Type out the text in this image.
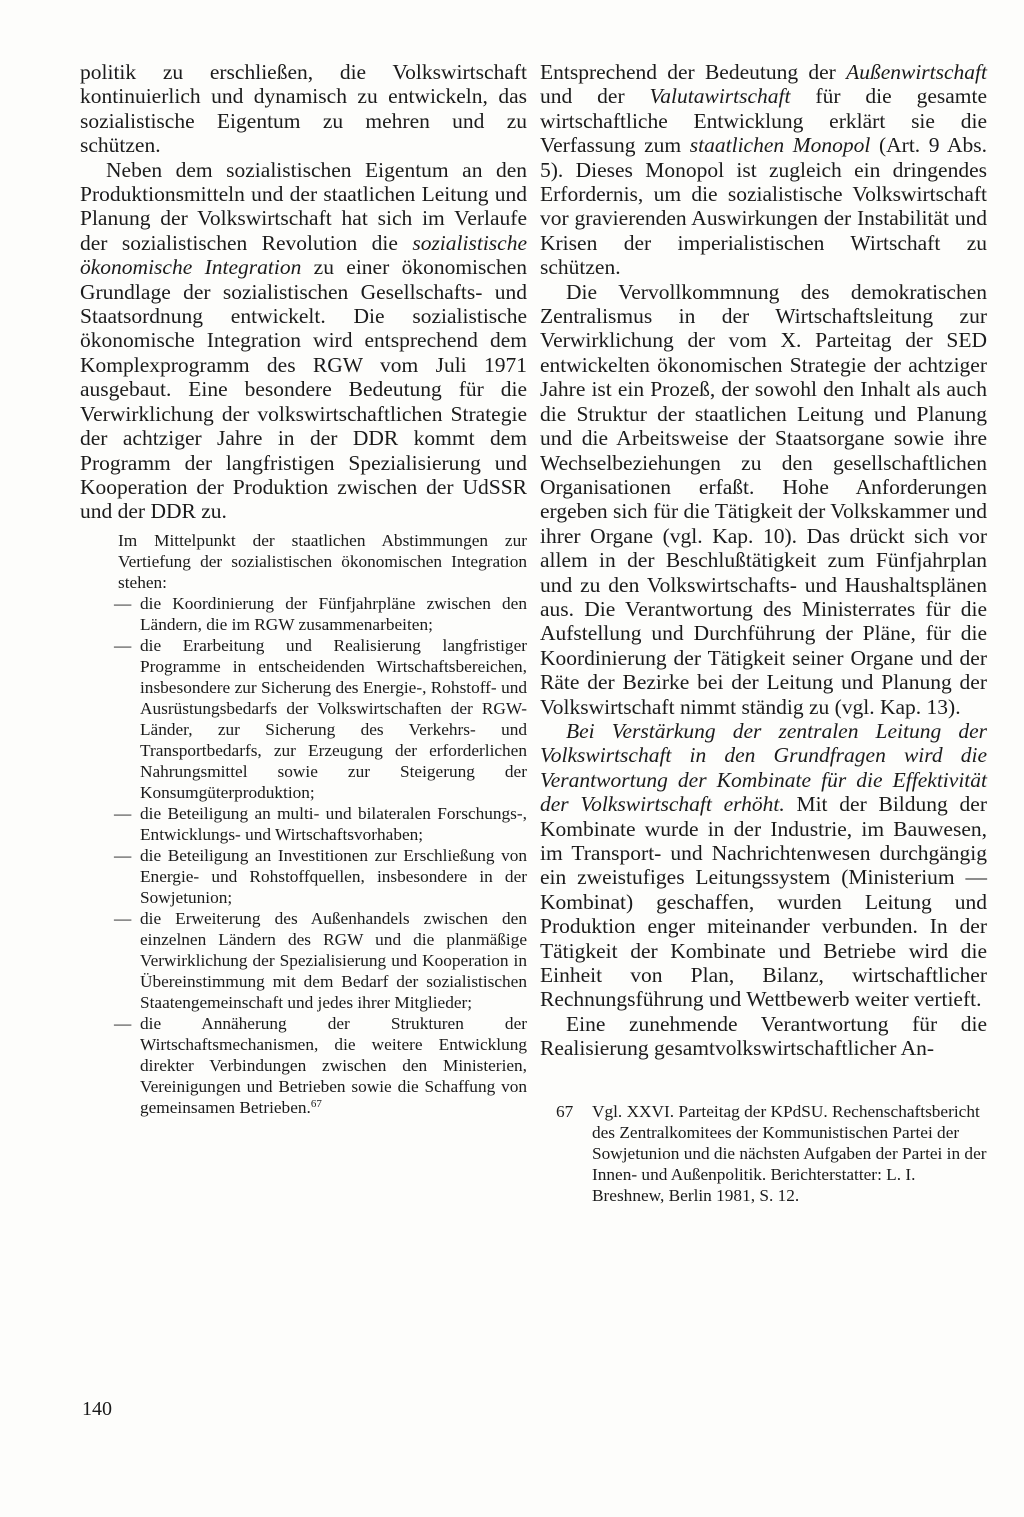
politik zu erschließen, die Volkswirtschaft kontinuierlich und dynamisch zu entwickeln, das sozialistische Eigentum zu mehren und zu schützen.

Neben dem sozialistischen Eigentum an den Produktionsmitteln und der staatlichen Leitung und Planung der Volkswirtschaft hat sich im Verlaufe der sozialistischen Revolution die sozialistische ökonomische Integration zu einer ökonomischen Grundlage der sozialistischen Gesellschafts- und Staatsordnung entwickelt. Die sozialistische ökonomische Integration wird entsprechend dem Komplexprogramm des RGW vom Juli 1971 ausgebaut. Eine besondere Bedeutung für die Verwirklichung der volkswirtschaftlichen Strategie der achtziger Jahre in der DDR kommt dem Programm der langfristigen Spezialisierung und Kooperation der Produktion zwischen der UdSSR und der DDR zu.

Im Mittelpunkt der staatlichen Abstimmungen zur Vertiefung der sozialistischen ökonomischen Integration stehen:

— die Koordinierung der Fünfjahrpläne zwischen den Ländern, die im RGW zusammenarbeiten;
— die Erarbeitung und Realisierung langfristiger Programme in entscheidenden Wirtschaftsbereichen, insbesondere zur Sicherung des Energie-, Rohstoff- und Ausrüstungsbedarfs der Volkswirtschaften der RGW-Länder, zur Sicherung des Verkehrs- und Transportbedarfs, zur Erzeugung der erforderlichen Nahrungsmittel sowie zur Steigerung der Konsumgüterproduktion;
— die Beteiligung an multi- und bilateralen Forschungs-, Entwicklungs- und Wirtschaftsvorhaben;
— die Beteiligung an Investitionen zur Erschließung von Energie- und Rohstoffquellen, insbesondere in der Sowjetunion;
— die Erweiterung des Außenhandels zwischen den einzelnen Ländern des RGW und die planmäßige Verwirklichung der Spezialisierung und Kooperation in Übereinstimmung mit dem Bedarf der sozialistischen Staatengemeinschaft und jedes ihrer Mitglieder;
— die Annäherung der Strukturen der Wirtschaftsmechanismen, die weitere Entwicklung direkter Verbindungen zwischen den Ministerien, Vereinigungen und Betrieben sowie die Schaffung von gemeinsamen Betrieben.$^{67}$

Entsprechend der Bedeutung der Außenwirtschaft und der Valutawirtschaft für die gesamte wirtschaftliche Entwicklung erklärt sie die Verfassung zum staatlichen Monopol (Art. 9 Abs. 5). Dieses Monopol ist zugleich ein dringendes Erfordernis, um die sozialistische Volkswirtschaft vor gravierenden Auswirkungen der Instabilität und Krisen der imperialistischen Wirtschaft zu schützen.

Die Vervollkommnung des demokratischen Zentralismus in der Wirtschaftsleitung zur Verwirklichung der vom X. Parteitag der SED entwickelten ökonomischen Strategie der achtziger Jahre ist ein Prozeß, der sowohl den Inhalt als auch die Struktur der staatlichen Leitung und Planung und die Arbeitsweise der Staatsorgane sowie ihre Wechselbeziehungen zu den gesellschaftlichen Organisationen erfaßt. Hohe Anforderungen ergeben sich für die Tätigkeit der Volkskammer und ihrer Organe (vgl. Kap. 10). Das drückt sich vor allem in der Beschlußtätigkeit zum Fünfjahrplan und zu den Volkswirtschafts- und Haushaltsplänen aus. Die Verantwortung des Ministerrates für die Aufstellung und Durchführung der Pläne, für die Koordinierung der Tätigkeit seiner Organe und der Räte der Bezirke bei der Leitung und Planung der Volkswirtschaft nimmt ständig zu (vgl. Kap. 13).

Bei Verstärkung der zentralen Leitung der Volkswirtschaft in den Grundfragen wird die Verantwortung der Kombinate für die Effektivität der Volkswirtschaft erhöht. Mit der Bildung der Kombinate wurde in der Industrie, im Bauwesen, im Transport- und Nachrichtenwesen durchgängig ein zweistufiges Leitungssystem (Ministerium — Kombinat) geschaffen, wurden Leitung und Produktion enger miteinander verbunden. In der Tätigkeit der Kombinate und Betriebe wird die Einheit von Plan, Bilanz, wirtschaftlicher Rechnungsführung und Wettbewerb weiter vertieft.

Eine zunehmende Verantwortung für die Realisierung gesamtvolkswirtschaftlicher An-

67 Vgl. XXVI. Parteitag der KPdSU. Rechenschaftsbericht des Zentralkomitees der Kommunistischen Partei der Sowjetunion und die nächsten Aufgaben der Partei in der Innen- und Außenpolitik. Berichterstatter: L. I. Breshnew, Berlin 1981, S. 12.
140
